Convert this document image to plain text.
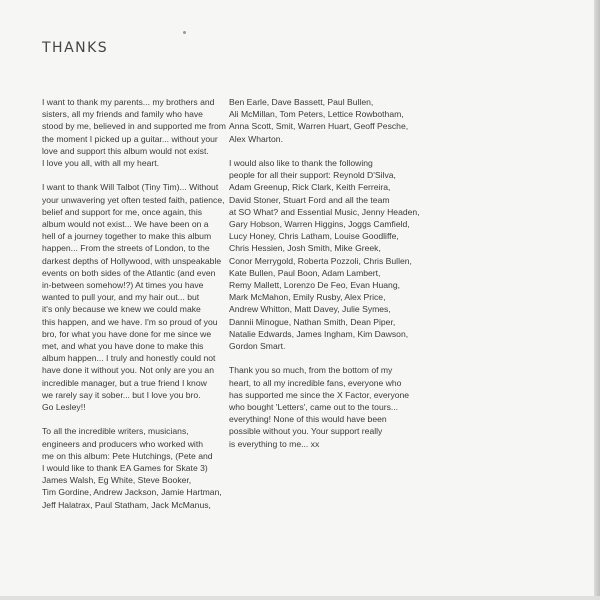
THANKS
I want to thank my parents... my brothers and
sisters, all my friends and family who have
stood by me, believed in and supported me from
the moment I picked up a guitar... without your
love and support this album would not exist.
I love you all, with all my heart.
I want to thank Will Talbot (Tiny Tim)... Without
your unwavering yet often tested faith, patience,
belief and support for me, once again, this
album would not exist... We have been on a
hell of a journey together to make this album
happen... From the streets of London, to the
darkest depths of Hollywood, with unspeakable
events on both sides of the Atlantic (and even
in-between somehow!?) At times you have
wanted to pull your, and my hair out... but
it's only because we knew we could make
this happen, and we have. I'm so proud of you
bro, for what you have done for me since we
met, and what you have done to make this
album happen... I truly and honestly could not
have done it without you. Not only are you an
incredible manager, but a true friend I know
we rarely say it sober... but I love you bro.
Go Lesley!!
To all the incredible writers, musicians,
engineers and producers who worked with
me on this album: Pete Hutchings, (Pete and
I would like to thank EA Games for Skate 3)
James Walsh, Eg White, Steve Booker,
Tim Gordine, Andrew Jackson, Jamie Hartman,
Jeff Halatrax, Paul Statham, Jack McManus,
Ben Earle, Dave Bassett, Paul Bullen,
Ali McMillan, Tom Peters, Lettice Rowbotham,
Anna Scott, Smit, Warren Huart, Geoff Pesche,
Alex Wharton.
I would also like to thank the following
people for all their support: Reynold D'Silva,
Adam Greenup, Rick Clark, Keith Ferreira,
David Stoner, Stuart Ford and all the team
at SO What? and Essential Music, Jenny Headen,
Gary Hobson, Warren Higgins, Joggs Camfield,
Lucy Honey, Chris Latham, Louise Goodliffe,
Chris Hessien, Josh Smith, Mike Greek,
Conor Merrygold, Roberta Pozzoli, Chris Bullen,
Kate Bullen, Paul Boon, Adam Lambert,
Remy Mallett, Lorenzo De Feo, Evan Huang,
Mark McMahon, Emily Rusby, Alex Price,
Andrew Whitton, Matt Davey, Julie Symes,
Dannii Minogue, Nathan Smith, Dean Piper,
Natalie Edwards, James Ingham, Kim Dawson,
Gordon Smart.
Thank you so much, from the bottom of my
heart, to all my incredible fans, everyone who
has supported me since the X Factor, everyone
who bought 'Letters', came out to the tours...
everything! None of this would have been
possible without you. Your support really
is everything to me... xx
